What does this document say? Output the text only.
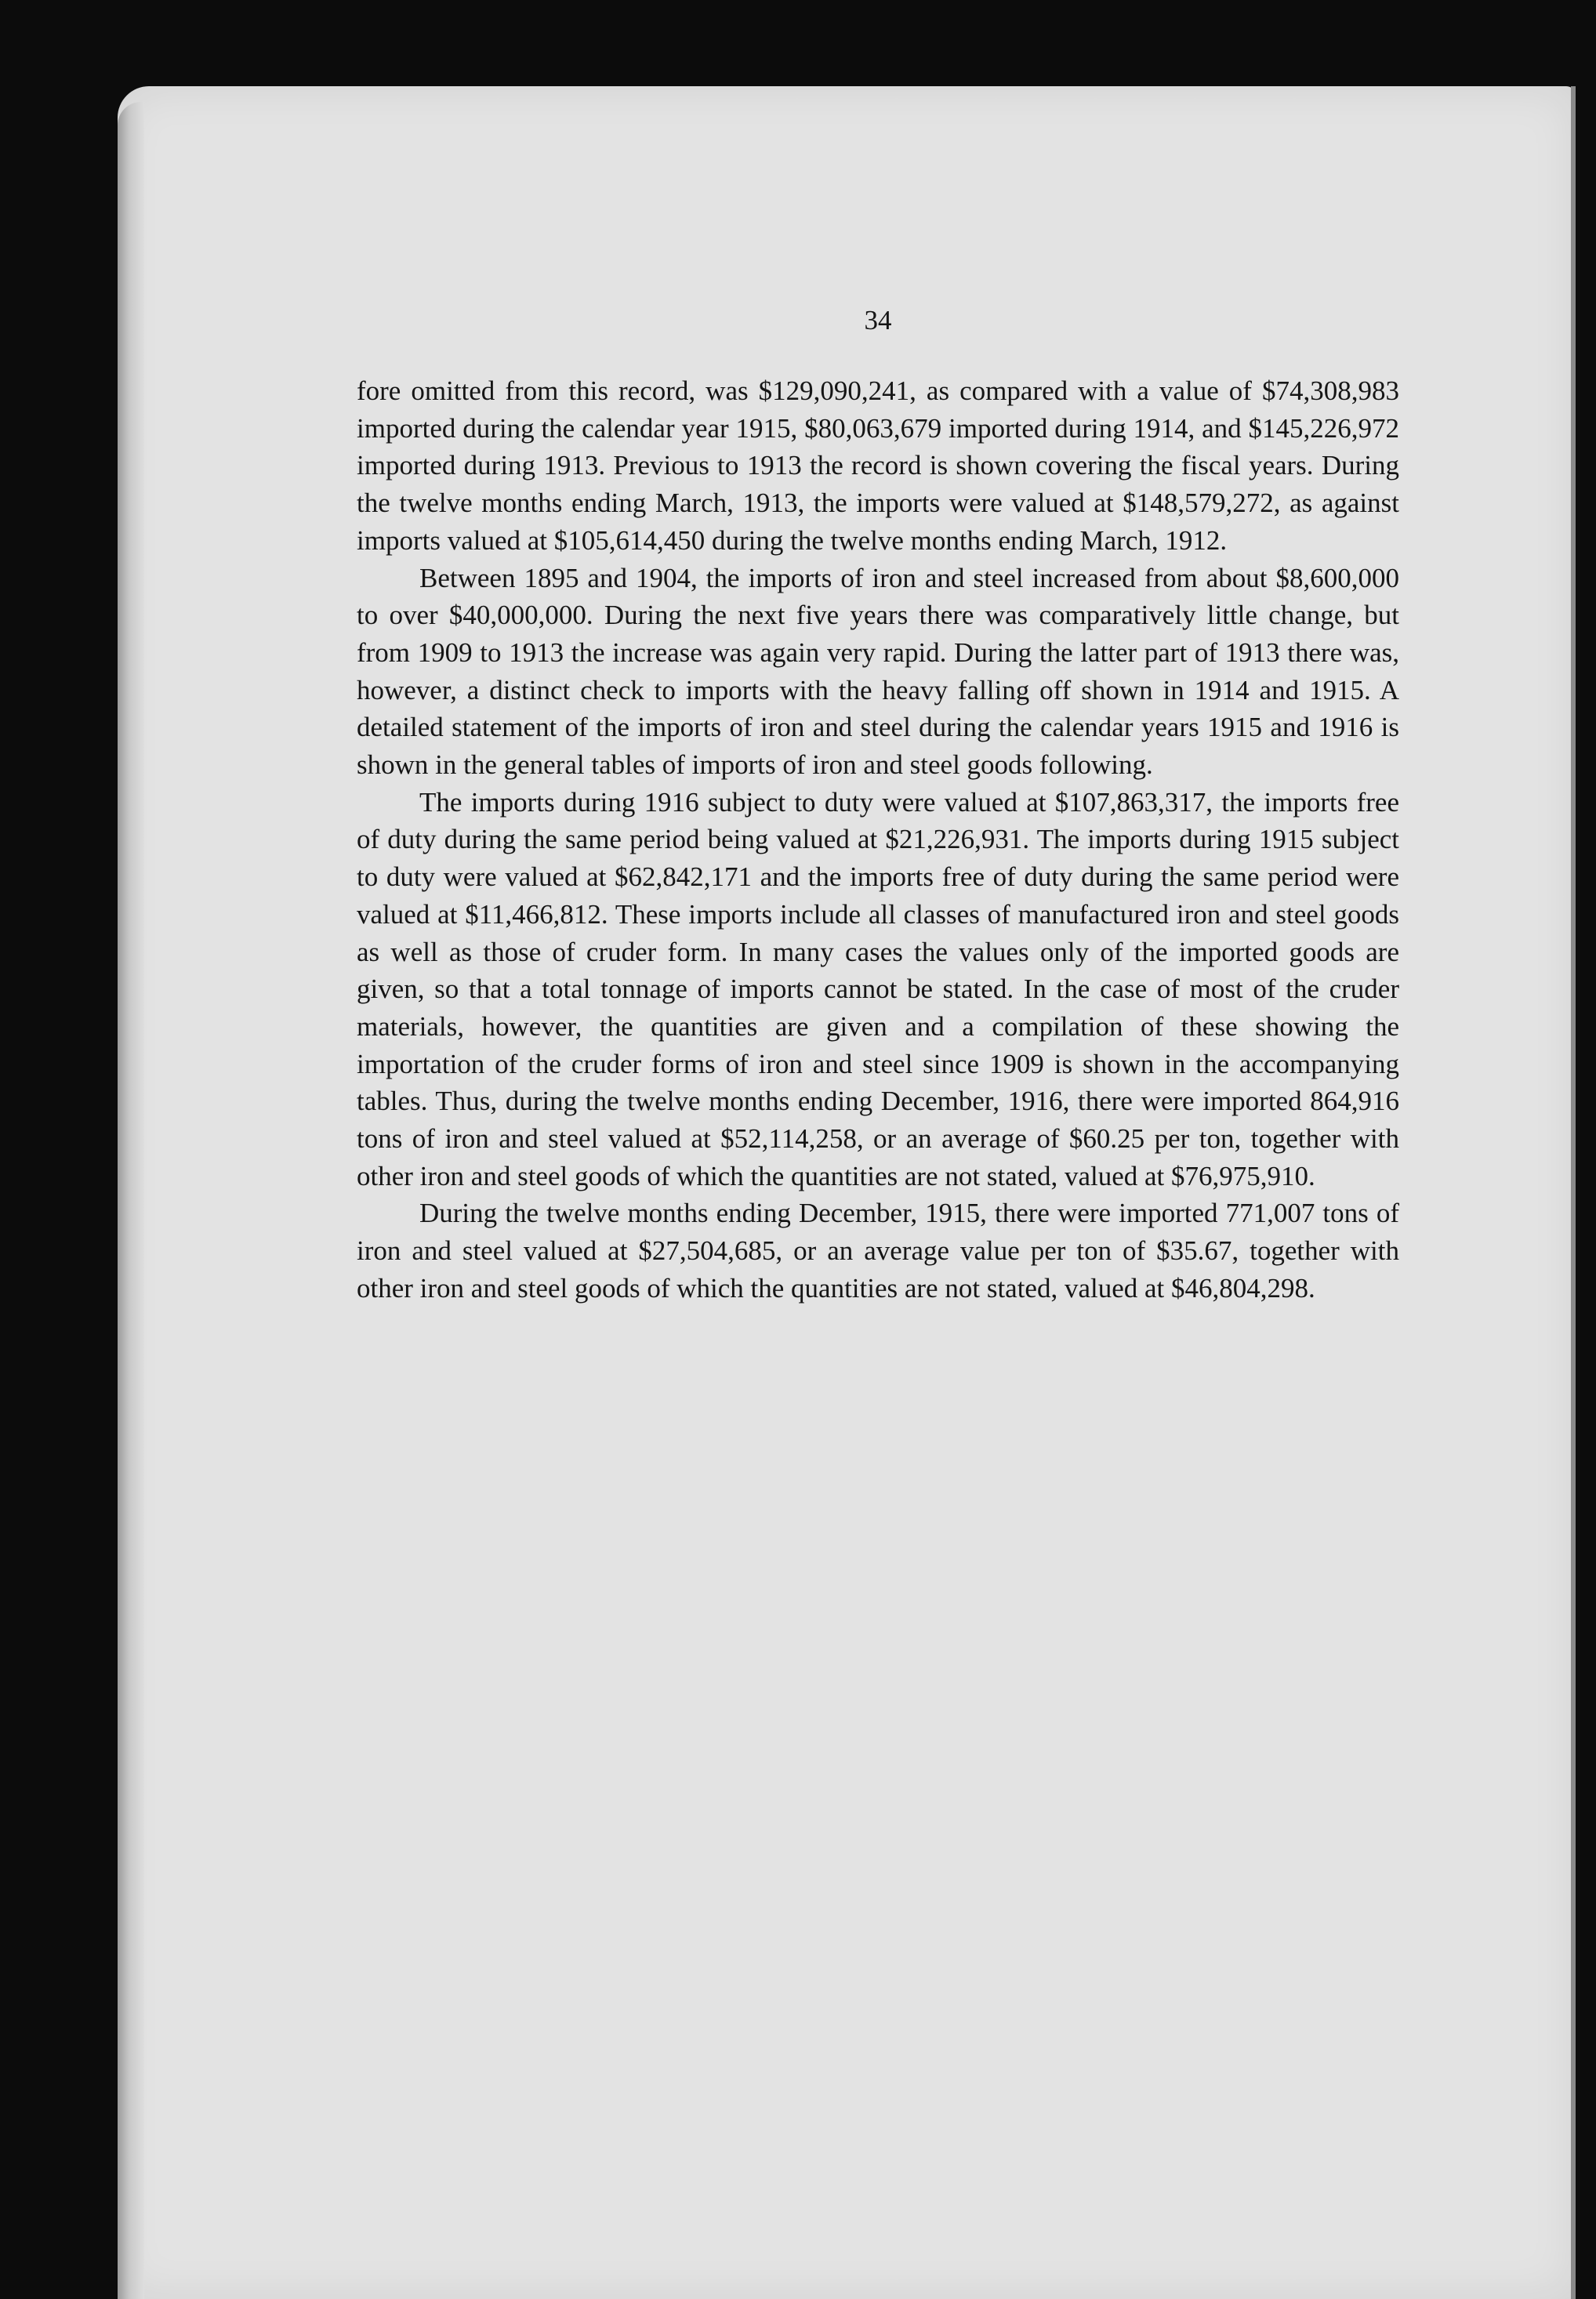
34

fore omitted from this record, was $129,090,241, as compared with a value of $74,308,983 imported during the calendar year 1915, $80,063,679 imported during 1914, and $145,226,972 imported during 1913. Previous to 1913 the record is shown covering the fiscal years. During the twelve months ending March, 1913, the imports were valued at $148,579,272, as against imports valued at $105,614,450 during the twelve months ending March, 1912.

Between 1895 and 1904, the imports of iron and steel increased from about $8,600,000 to over $40,000,000. During the next five years there was comparatively little change, but from 1909 to 1913 the increase was again very rapid. During the latter part of 1913 there was, however, a distinct check to imports with the heavy falling off shown in 1914 and 1915. A detailed statement of the imports of iron and steel during the calendar years 1915 and 1916 is shown in the general tables of imports of iron and steel goods following.

The imports during 1916 subject to duty were valued at $107,863,317, the imports free of duty during the same period being valued at $21,226,931. The imports during 1915 subject to duty were valued at $62,842,171 and the imports free of duty during the same period were valued at $11,466,812. These imports include all classes of manufactured iron and steel goods as well as those of cruder form. In many cases the values only of the imported goods are given, so that a total tonnage of imports cannot be stated. In the case of most of the cruder materials, however, the quantities are given and a compilation of these showing the importation of the cruder forms of iron and steel since 1909 is shown in the accompanying tables. Thus, during the twelve months ending December, 1916, there were imported 864,916 tons of iron and steel valued at $52,114,258, or an average of $60.25 per ton, together with other iron and steel goods of which the quantities are not stated, valued at $76,975,910.

During the twelve months ending December, 1915, there were imported 771,007 tons of iron and steel valued at $27,504,685, or an average value per ton of $35.67, together with other iron and steel goods of which the quantities are not stated, valued at $46,804,298.
